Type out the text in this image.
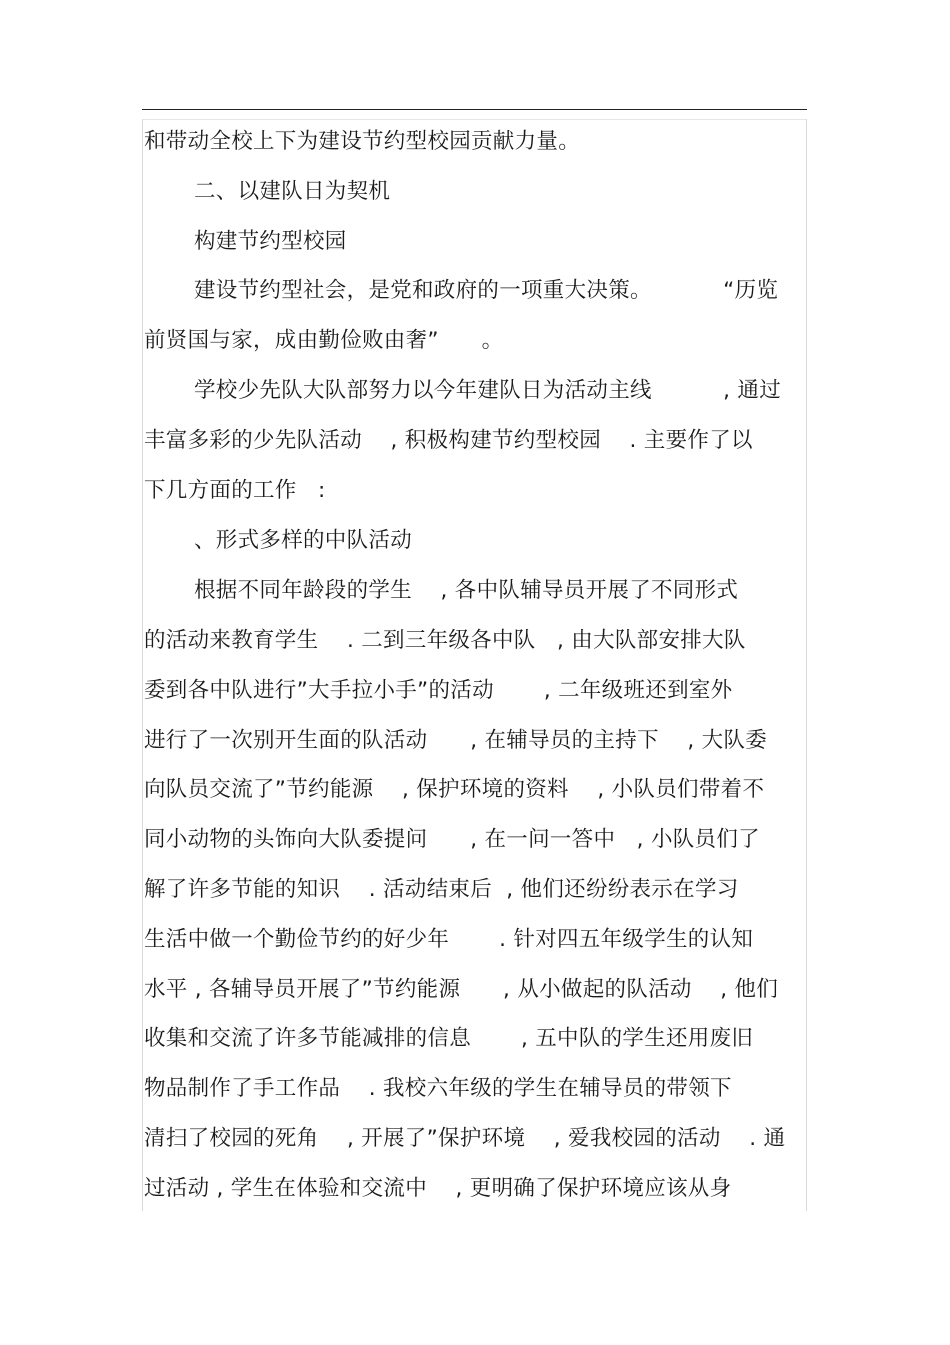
和带动全校上下为建设节约型校园贡献力量。

二、以建队日为契机

构建节约型校园

建设节约型社会，是党和政府的一项重大决策。          “历览

前贤国与家，成由勤俭败由奢”      。

学校少先队大队部努力以今年建队日为活动主线          , 通过

丰富多彩的少先队活动    , 积极构建节约型校园    . 主要作了以

下几方面的工作   :

、形式多样的中队活动

根据不同年龄段的学生    , 各中队辅导员开展了不同形式

的活动来教育学生    . 二到三年级各中队   , 由大队部安排大队

委到各中队进行”大手拉小手”的活动       , 二年级班还到室外

进行了一次别开生面的队活动      , 在辅导员的主持下    , 大队委

向队员交流了”节约能源    , 保护环境的资料    , 小队员们带着不

同小动物的头饰向大队委提问      , 在一问一答中   , 小队员们了

解了许多节能的知识    . 活动结束后  , 他们还纷纷表示在学习

生活中做一个勤俭节约的好少年       . 针对四五年级学生的认知

水平 , 各辅导员开展了”节约能源      , 从小做起的队活动    , 他们

收集和交流了许多节能减排的信息       , 五中队的学生还用废旧

物品制作了手工作品    . 我校六年级的学生在辅导员的带领下

清扫了校园的死角    , 开展了”保护环境    , 爱我校园的活动    . 通

过活动 , 学生在体验和交流中    , 更明确了保护环境应该从身
